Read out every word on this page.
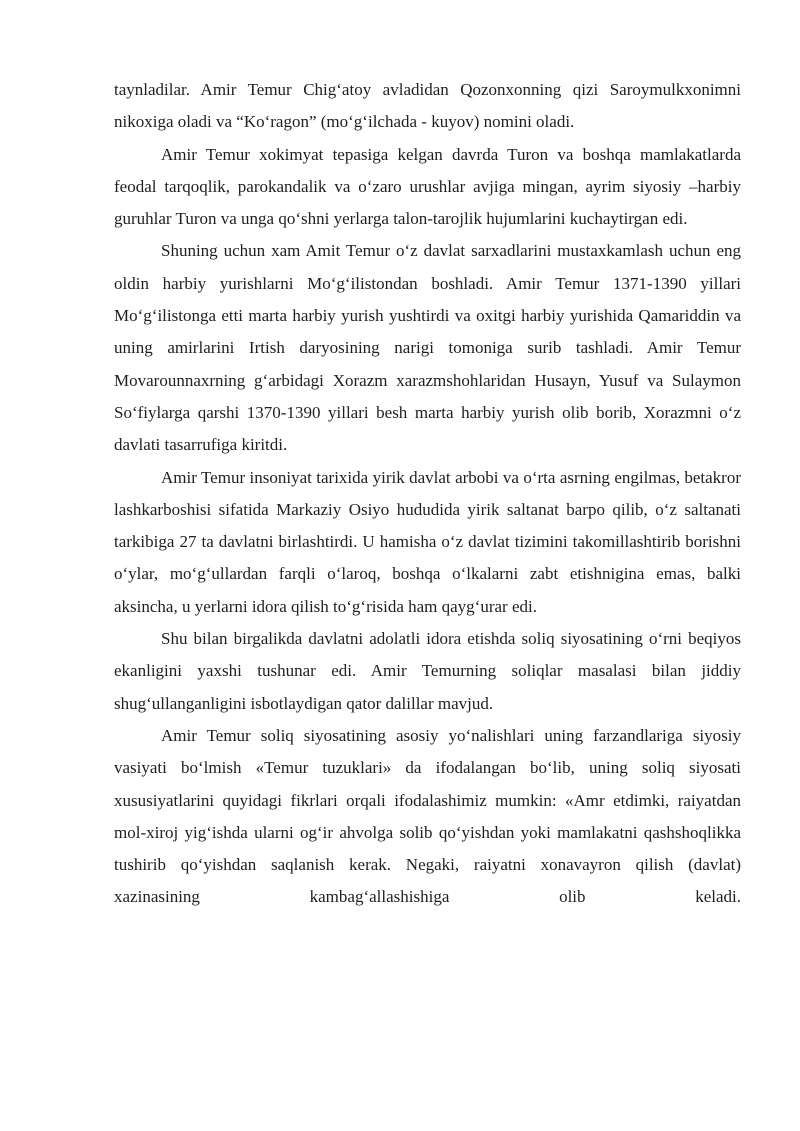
taynladilar. Amir Temur Chig‘atoy avladidan Qozonxonning qizi Saroymulkxonimni nikoxiga oladi va “Ko‘ragon” (mo‘g‘ilchada - kuyov) nomini oladi.

Amir Temur xokimyat tepasiga kelgan davrda Turon va boshqa mamlakatlarda feodal tarqoqlik, parokandalik va o‘zaro urushlar avjiga mingan, ayrim siyosiy –harbiy guruhlar Turon va unga qo‘shni yerlarga talon-tarojlik hujumlarini kuchaytirgan edi.

Shuning uchun xam Amit Temur o‘z davlat sarxadlarini mustaxkamlash uchun eng oldin harbiy yurishlarni Mo‘g‘ilistondan boshladi. Amir Temur 1371-1390 yillari Mo‘g‘ilistonga etti marta harbiy yurish yushtirdi va oxitgi harbiy yurishida Qamariddin va uning amirlarini Irtish daryosining narigi tomoniga surib tashladi. Amir Temur Movarounnaxrning g‘arbidagi Xorazm xarazmshohlaridan Husayn, Yusuf va Sulaymon So‘fiylarga qarshi 1370-1390 yillari besh marta harbiy yurish olib borib, Xorazmni o‘z davlati tasarrufiga kiritdi.

Amir Temur insoniyat tarixida yirik davlat arbobi va o‘rta asrning engilmas, betakror lashkarboshisi sifatida Markaziy Osiyo hududida yirik saltanat barpo qilib, o‘z saltanati tarkibiga 27 ta davlatni birlashtirdi. U hamisha o‘z davlat tizimini takomillashtirib borishni o‘ylar, mo‘g‘ullardan farqli o‘laroq, boshqa o‘lkalarni zabt etishnigina emas, balki aksincha, u yerlarni idora qilish to‘g‘risida ham qayg‘urar edi.

Shu bilan birgalikda davlatni adolatli idora etishda soliq siyosatining o‘rni beqiyos ekanligini yaxshi tushunar edi. Amir Temurning soliqlar masalasi bilan jiddiy shug‘ullanganligini isbotlaydigan qator dalillar mavjud.

Amir Temur soliq siyosatining asosiy yo‘nalishlari uning farzandlariga siyosiy vasiyati bo‘lmish «Temur tuzuklari» da ifodalangan bo‘lib, uning soliq siyosati xususiyatlarini quyidagi fikrlari orqali ifodalashimiz mumkin: «Amr etdimki, raiyatdan mol-xiroj yig‘ishda ularni og‘ir ahvolga solib qo‘yishdan yoki mamlakatni qashshoqlikka tushirib qo‘yishdan saqlanish kerak. Negaki, raiyatni xonavayron qilish (davlat) xazinasining kambag‘allashishiga olib keladi.
